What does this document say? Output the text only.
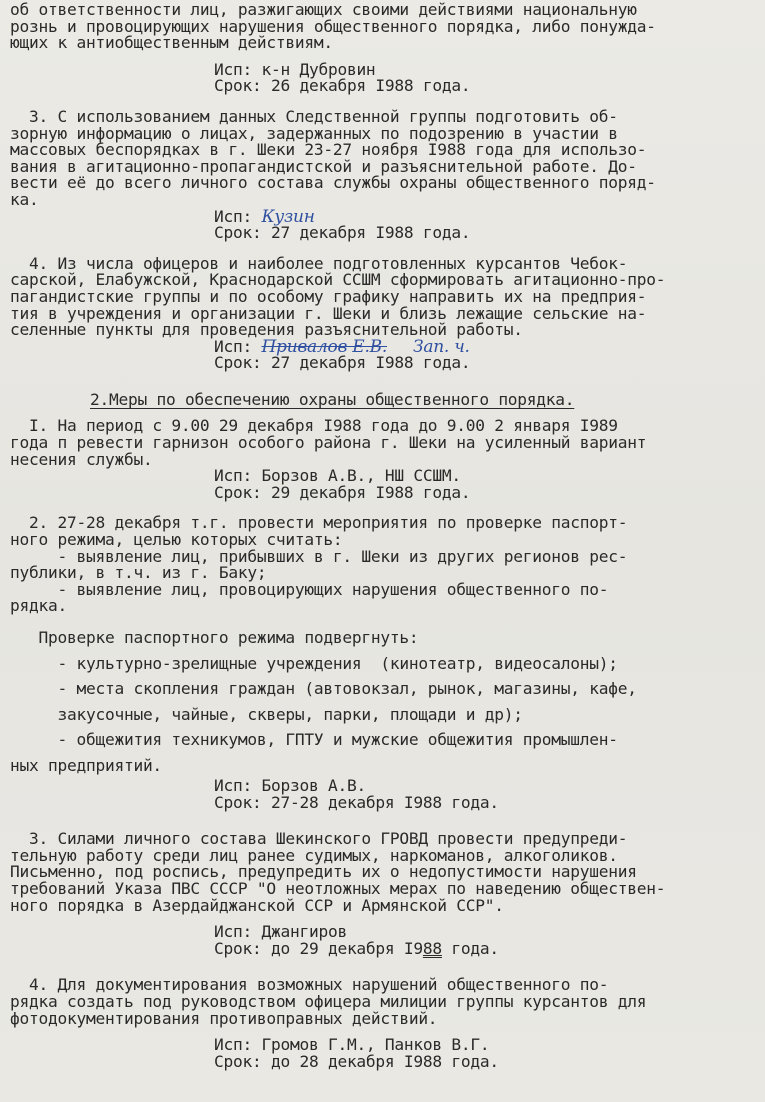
об ответственности лиц, разжигающих своими действиями национальную
рознь и провоцирующих нарушения общественного порядка, либо понужда-
ющих к антиобщественным действиям.
Исп: к-н Дубровин
Срок: 26 декабря I988 года.
3. С использованием данных Следственной группы подготовить об-
зорную информацию о лицах, задержанных по подозрению в участии в
массовых беспорядках в г. Шеки 23-27 ноября I988 года для использо-
вания в агитационно-пропагандистской и разъяснительной работе. До-
вести её до всего личного состава службы охраны общественного поряд-
ка.
Исп: Кузин
Срок: 27 декабря I988 года.
4. Из числа офицеров и наиболее подготовленных курсантов Чебок-
сарской, Елабужской, Краснодарской ССШМ сформировать агитационно-про-
пагандистские группы и по особому графику направить их на предприя-
тия в учреждения и организации г. Шеки и близь лежащие сельские на-
селенные пункты для проведения разъяснительной работы.
Исп: Привалов Е.В. Зап. ч.
Срок: 27 декабря I988 года.
2.Меры по обеспечению охраны общественного порядка.
I. На период с 9.00 29 декабря I988 года до 9.00 2 января I989
года п ревести гарнизон особого района г. Шеки на усиленный вариант
несения службы.
Исп: Борзов А.В., НШ ССШМ.
Срок: 29 декабря I988 года.
2. 27-28 декабря т.г. провести мероприятия по проверке паспорт-
ного режима, целью которых считать:
- выявление лиц, прибывших в г. Шеки из других регионов рес-
публики, в т.ч. из г. Баку;
- выявление лиц, провоцирующих нарушения общественного по-
рядка.
Проверке паспортного режима подвергнуть:
- культурно-зрелищные учреждения  (кинотеатр, видеосалоны);
- места скопления граждан (автовокзал, рынок, магазины, кафе,
закусочные, чайные, скверы, парки, площади и др);
- общежития техникумов, ГПТУ и мужские общежития промышлен-
ных предприятий.
Исп: Борзов А.В.
Срок: 27-28 декабря I988 года.
3. Силами личного состава Шекинского ГРОВД провести предупреди-
тельную работу среди лиц ранее судимых, наркоманов, алкоголиков.
Письменно, под роспись, предупредить их о недопустимости нарушения
требований Указа ПВС СССР "О неотложных мерах по наведению обществен-
ного порядка в Азердайджанской ССР и Армянской ССР".
Исп: Джангиров
Срок: до 29 декабря I988 года.
4. Для документирования возможных нарушений общественного по-
рядка создать под руководством офицера милиции группы курсантов для
фотодокументирования противоправных действий.
Исп: Громов Г.М., Панков В.Г.
Срок: до 28 декабря I988 года.
